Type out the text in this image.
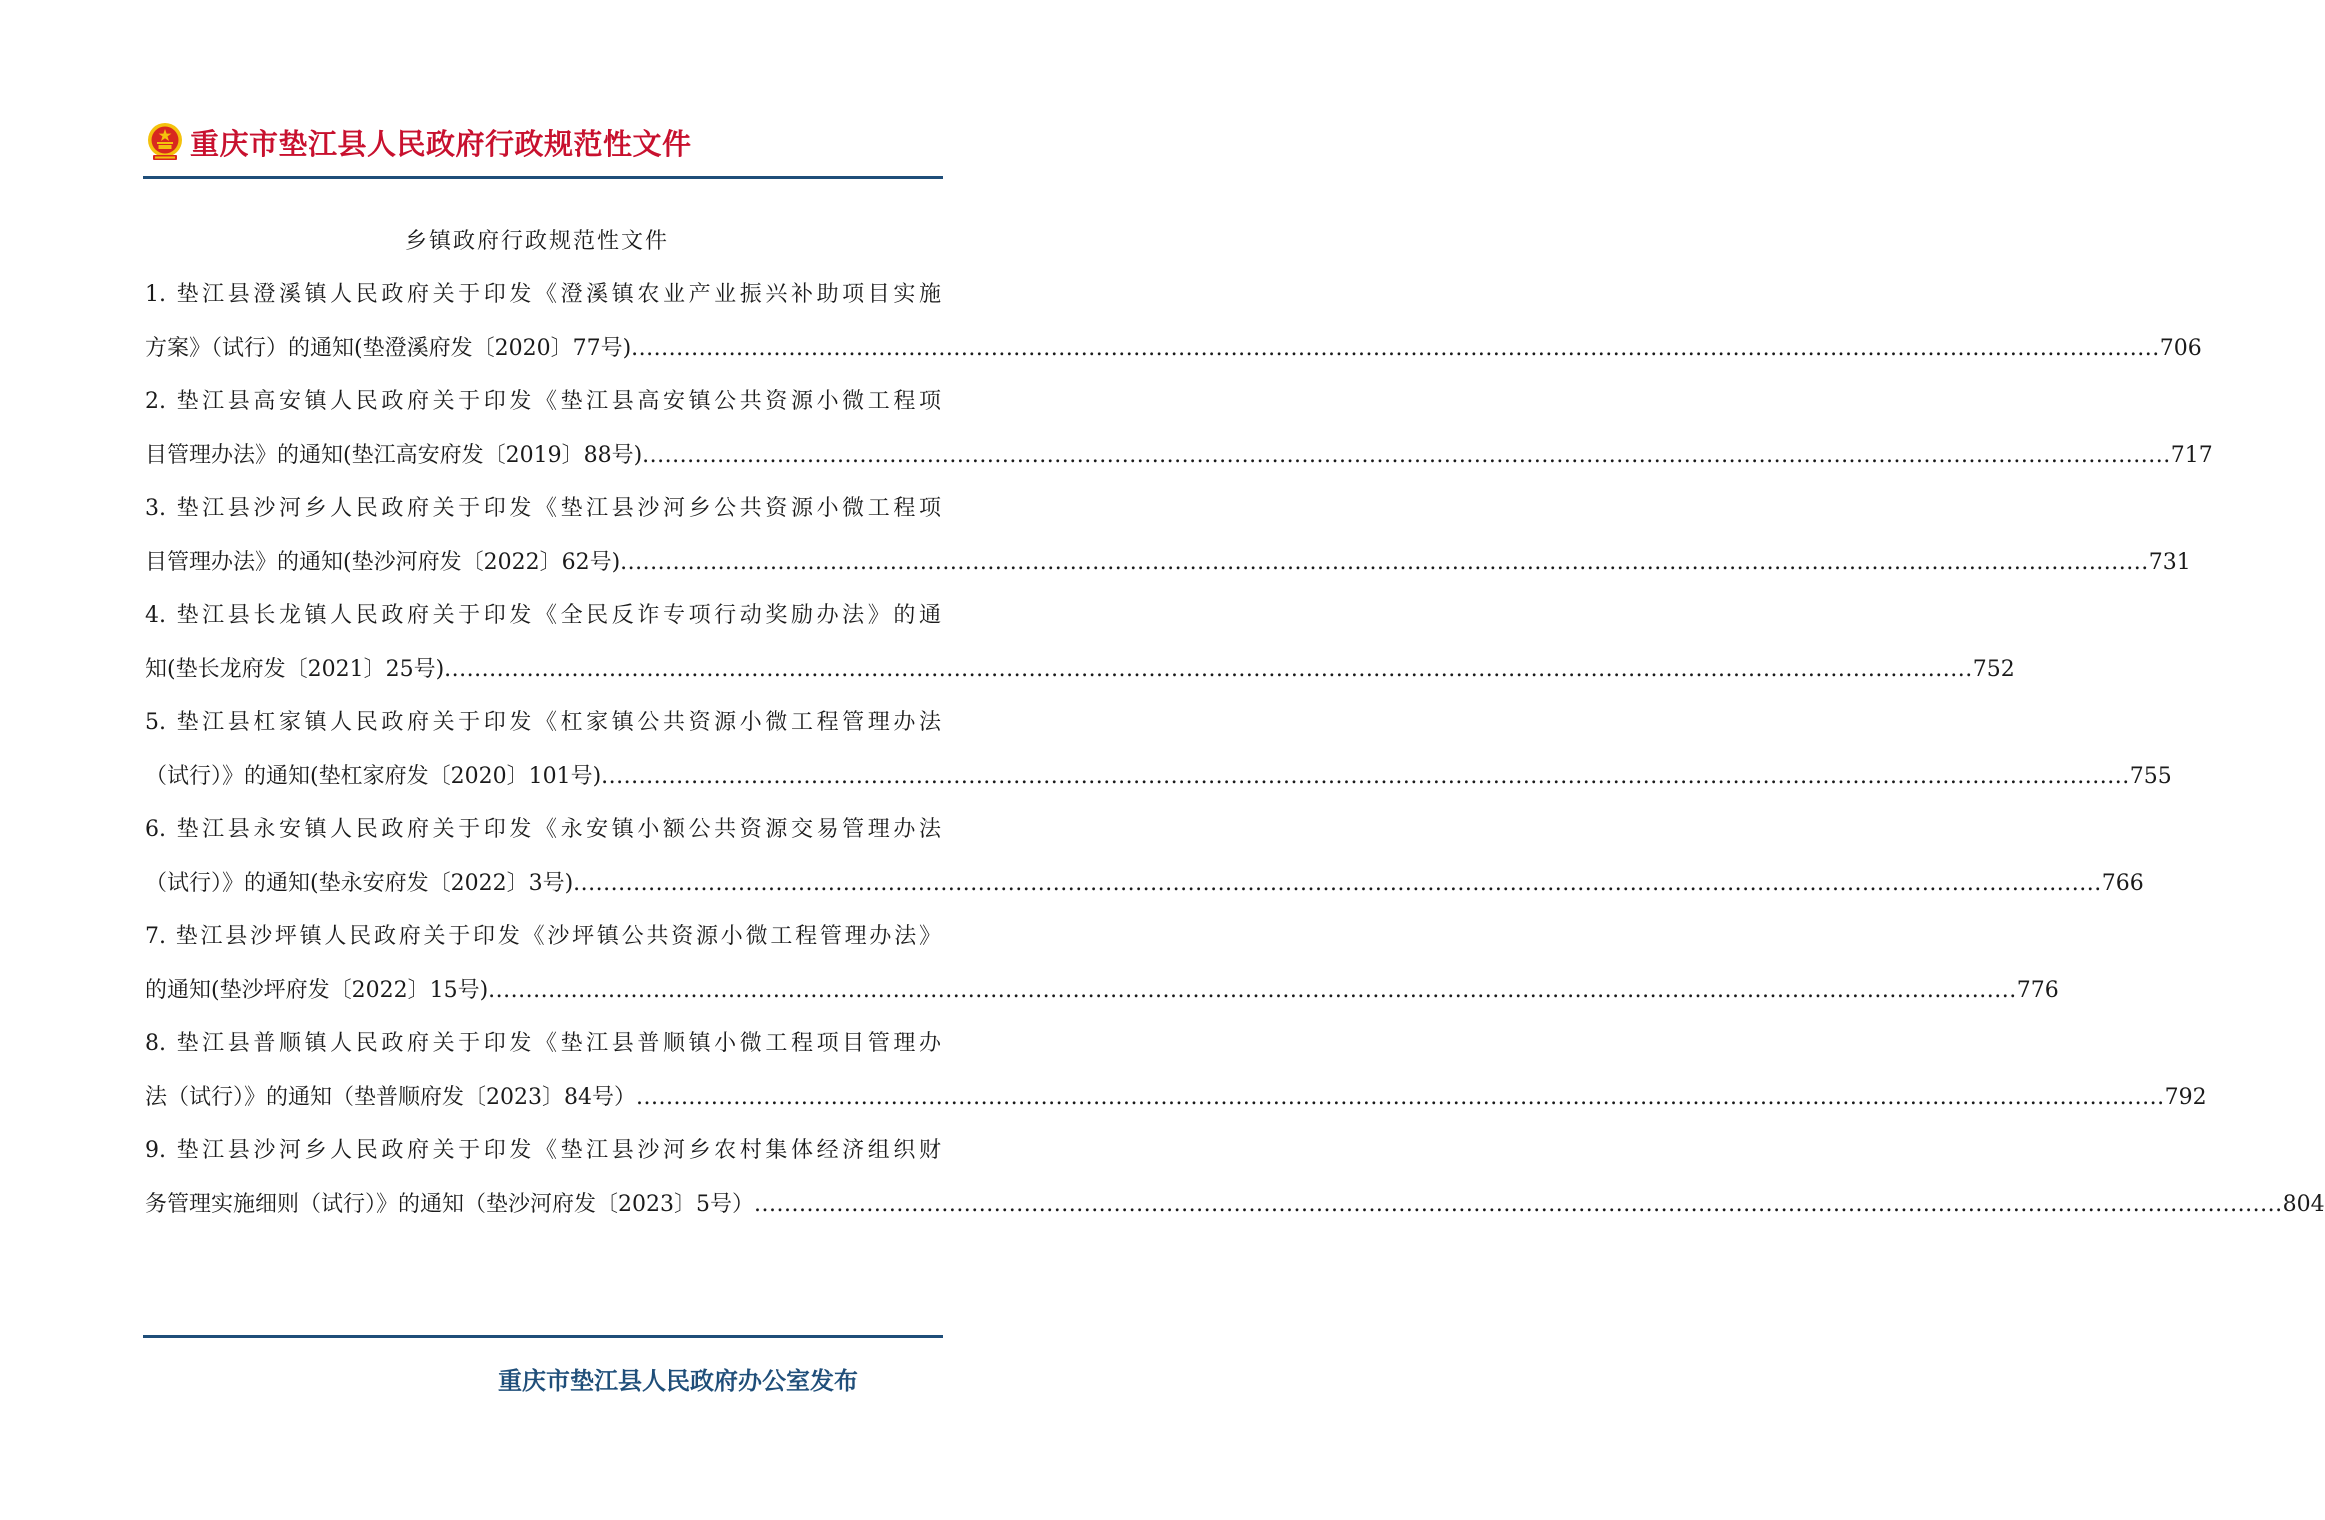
重庆市垫江县人民政府行政规范性文件
乡镇政府行政规范性文件
1. 垫江县澄溪镇人民政府关于印发《澄溪镇农业产业振兴补助项目实施
方案》（试行）的通知(垫澄溪府发〔2020〕77号) ............................................................................................................................................................................................................ 706
2. 垫江县高安镇人民政府关于印发《垫江县高安镇公共资源小微工程项
目管理办法》的通知(垫江高安府发〔2019〕88号) ............................................................................................................................................................................................................ 717
3. 垫江县沙河乡人民政府关于印发《垫江县沙河乡公共资源小微工程项
目管理办法》的通知(垫沙河府发〔2022〕62号) ............................................................................................................................................................................................................ 731
4. 垫江县长龙镇人民政府关于印发《全民反诈专项行动奖励办法》的通
知(垫长龙府发〔2021〕25号) ............................................................................................................................................................................................................ 752
5. 垫江县杠家镇人民政府关于印发《杠家镇公共资源小微工程管理办法
（试行）》的通知(垫杠家府发〔2020〕101号) ............................................................................................................................................................................................................ 755
6. 垫江县永安镇人民政府关于印发《永安镇小额公共资源交易管理办法
（试行）》的通知(垫永安府发〔2022〕3号) ............................................................................................................................................................................................................ 766
7. 垫江县沙坪镇人民政府关于印发《沙坪镇公共资源小微工程管理办法》
的通知(垫沙坪府发〔2022〕15号) ............................................................................................................................................................................................................ 776
8. 垫江县普顺镇人民政府关于印发《垫江县普顺镇小微工程项目管理办
法（试行）》的通知（垫普顺府发〔2023〕84号） ............................................................................................................................................................................................................ 792
9. 垫江县沙河乡人民政府关于印发《垫江县沙河乡农村集体经济组织财
务管理实施细则（试行）》的通知（垫沙河府发〔2023〕5号） ............................................................................................................................................................................................................ 804
重庆市垫江县人民政府办公室发布
